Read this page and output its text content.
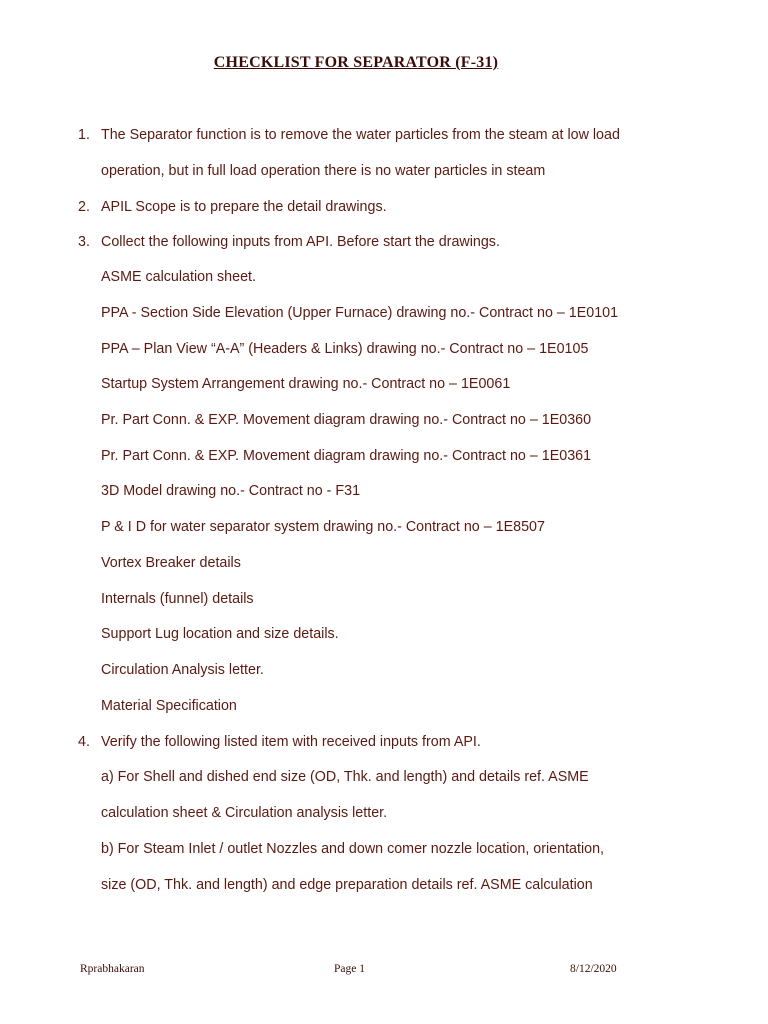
CHECKLIST FOR SEPARATOR (F-31)
1. The Separator function is to remove the water particles from the steam at low load
operation, but in full load operation there is no water particles in steam
2. APIL Scope is to prepare the detail drawings.
3. Collect the following inputs from API. Before start the drawings.
ASME calculation sheet.
PPA - Section Side Elevation (Upper Furnace) drawing no.- Contract no – 1E0101
PPA – Plan View “A-A” (Headers & Links) drawing no.- Contract no – 1E0105
Startup System Arrangement drawing no.- Contract no – 1E0061
Pr. Part Conn. & EXP. Movement diagram drawing no.- Contract no – 1E0360
Pr. Part Conn. & EXP. Movement diagram drawing no.- Contract no – 1E0361
3D Model drawing no.- Contract no - F31
P & I D for water separator system drawing no.- Contract no – 1E8507
Vortex Breaker details
Internals (funnel) details
Support Lug location and size details.
Circulation Analysis letter.
Material Specification
4. Verify the following listed item with received inputs from API.
a) For Shell and dished end size (OD, Thk. and length) and details ref. ASME
calculation sheet & Circulation analysis letter.
b) For Steam Inlet / outlet Nozzles and down comer nozzle location, orientation,
size (OD, Thk. and length) and edge preparation details ref. ASME calculation
Rprabhakaran	Page 1	8/12/2020
